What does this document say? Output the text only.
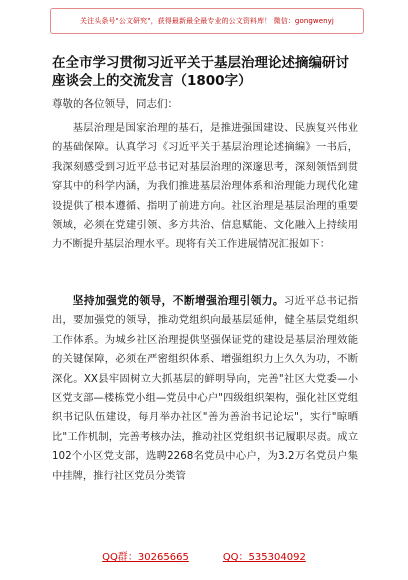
关注头条号"公文研究"，获得最新最全最专业的公文资料库！ 微信：gongwenyj
在全市学习贯彻习近平关于基层治理论述摘编研讨座谈会上的交流发言（1800字）
尊敬的各位领导，同志们：
基层治理是国家治理的基石，是推进强国建设、民族复兴伟业的基础保障。认真学习《习近平关于基层治理论述摘编》一书后，我深刻感受到习近平总书记对基层治理的深邃思考，深刻领悟到贯穿其中的科学内涵，为我们推进基层治理体系和治理能力现代化建设提供了根本遵循、指明了前进方向。社区治理是基层治理的重要领域，必须在党建引领、多方共治、信息赋能、文化融入上持续用力不断提升基层治理水平。现将有关工作进展情况汇报如下：
坚持加强党的领导，不断增强治理引领力。习近平总书记指出，要加强党的领导，推动党组织向最基层延伸，健全基层党组织工作体系。为城乡社区治理提供坚强保证党的建设是基层治理效能的关键保障，必须在严密组织体系、增强组织力上久久为功，不断深化。XX县牢固树立大抓基层的鲜明导向，完善"社区大党委—小区党支部—楼栋党小组—党员中心户"四级组织架构，强化社区党组织书记队伍建设，每月举办社区"善为善治书记论坛"，实行"晾晒比"工作机制，完善考核办法，推动社区党组织书记履职尽责。成立102个小区党支部，选聘2268名党员中心户，为3.2万名党员户集中挂牌，推行社区党员分类管
QQ群：30265665	QQ：535304092
